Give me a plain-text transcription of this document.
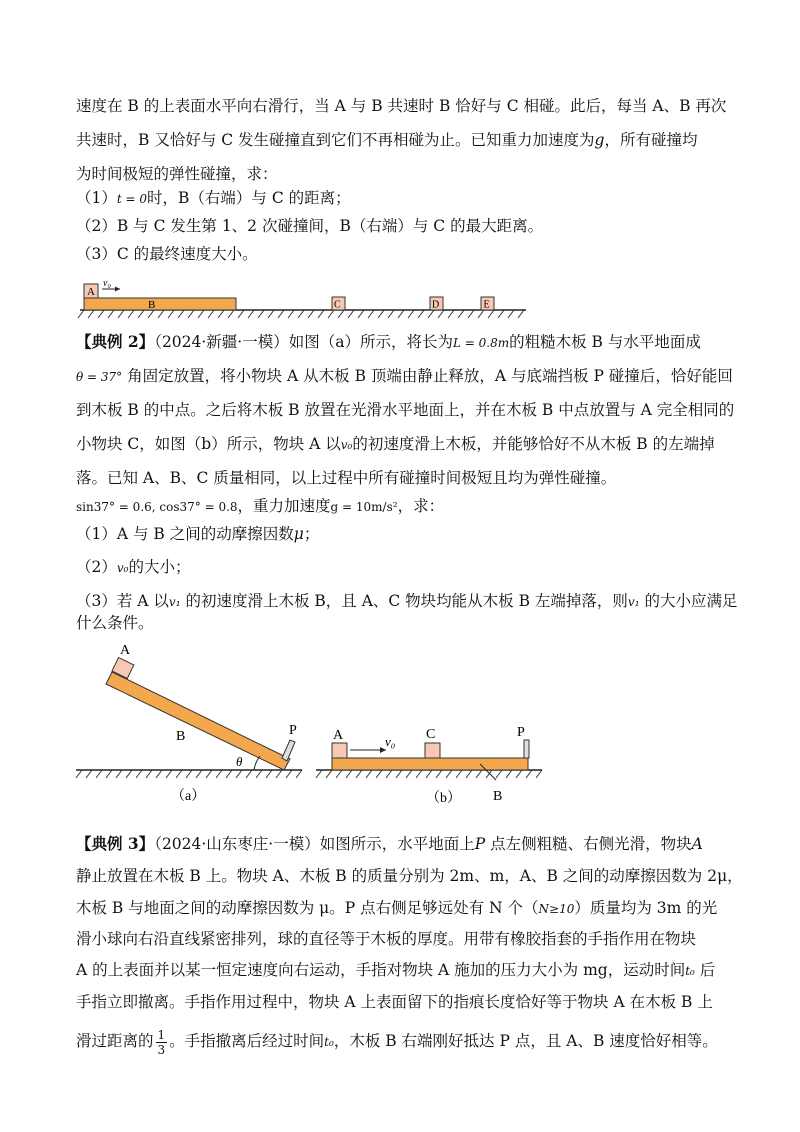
速度在 B 的上表面水平向右滑行，当 A 与 B 共速时 B 恰好与 C 相碰。此后，每当 A、B 再次
共速时，B 又恰好与 C 发生碰撞直到它们不再相碰为止。已知重力加速度为g，所有碰撞均
为时间极短的弹性碰撞，求：
（1）t = 0时，B（右端）与 C 的距离；
（2）B 与 C 发生第 1、2 次碰撞间，B（右端）与 C 的最大距离。
（3）C 的最终速度大小。
v₀
A
B	C	D	E
【典例 2】（2024·新疆·一模）如图（a）所示，将长为L = 0.8m的粗糙木板 B 与水平地面成
θ = 37° 角固定放置，将小物块 A 从木板 B 顶端由静止释放，A 与底端挡板 P 碰撞后，恰好能回
到木板 B 的中点。之后将木板 B 放置在光滑水平地面上，并在木板 B 中点放置与 A 完全相同的
小物块 C，如图（b）所示，物块 A 以v₀的初速度滑上木板，并能够恰好不从木板 B 的左端掉
落。已知 A、B、C 质量相同，以上过程中所有碰撞时间极短且均为弹性碰撞。
sin37° = 0.6, cos37° = 0.8，重力加速度g = 10m/s²，求：
（1）A 与 B 之间的动摩擦因数μ；
（2）v₀的大小；
（3）若 A 以v₁ 的初速度滑上木板 B，且 A、C 物块均能从木板 B 左端掉落，则v₁ 的大小应满足
什么条件。
A
P
B
θ
（a）
P
A	v₀ C
B
（b）
【典例 3】（2024·山东枣庄·一模）如图所示，水平地面上P 点左侧粗糙、右侧光滑，物块A
静止放置在木板 B 上。物块 A、木板 B 的质量分别为 2m、m，A、B 之间的动摩擦因数为 2μ，
木板 B 与地面之间的动摩擦因数为 μ。P 点右侧足够远处有 N 个（N≥10）质量均为 3m 的光
滑小球向右沿直线紧密排列，球的直径等于木板的厚度。用带有橡胶指套的手指作用在物块
A 的上表面并以某一恒定速度向右运动，手指对物块 A 施加的压力大小为 mg，运动时间t₀ 后
手指立即撤离。手指作用过程中，物块 A 上表面留下的指痕长度恰好等于物块 A 在木板 B 上
滑过距离的 $\frac{1}{3}$ 。手指撤离后经过时间t₀，木板 B 右端刚好抵达 P 点，且 A、B 速度恰好相等。
